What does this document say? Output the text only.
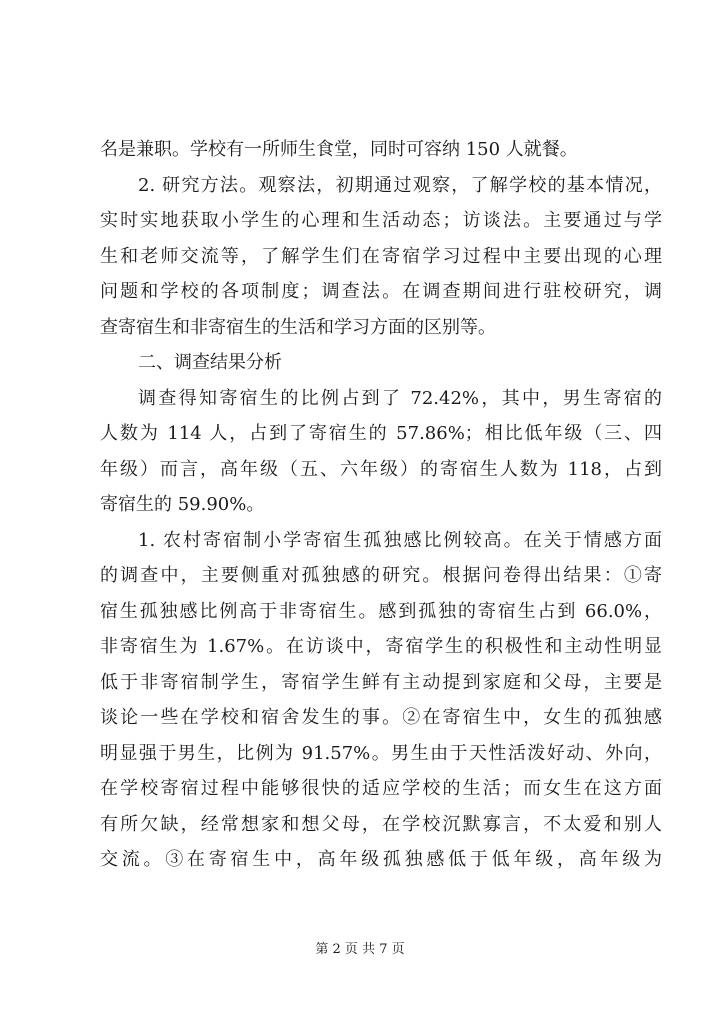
名是兼职。学校有一所师生食堂，同时可容纳 150 人就餐。
2. 研究方法。观察法，初期通过观察，了解学校的基本情况，
实时实地获取小学生的心理和生活动态；访谈法。主要通过与学
生和老师交流等，了解学生们在寄宿学习过程中主要出现的心理
问题和学校的各项制度；调查法。在调查期间进行驻校研究，调
查寄宿生和非寄宿生的生活和学习方面的区别等。
二、调查结果分析
调查得知寄宿生的比例占到了 72.42%，其中，男生寄宿的
人数为 114 人，占到了寄宿生的 57.86%；相比低年级（三、四
年级）而言，高年级（五、六年级）的寄宿生人数为 118，占到
寄宿生的 59.90%。
1. 农村寄宿制小学寄宿生孤独感比例较高。在关于情感方面
的调查中，主要侧重对孤独感的研究。根据问卷得出结果：①寄
宿生孤独感比例高于非寄宿生。感到孤独的寄宿生占到 66.0%，
非寄宿生为 1.67%。在访谈中，寄宿学生的积极性和主动性明显
低于非寄宿制学生，寄宿学生鲜有主动提到家庭和父母，主要是
谈论一些在学校和宿舍发生的事。②在寄宿生中，女生的孤独感
明显强于男生，比例为 91.57%。男生由于天性活泼好动、外向，
在学校寄宿过程中能够很快的适应学校的生活；而女生在这方面
有所欠缺，经常想家和想父母，在学校沉默寡言，不太爱和别人
交流。③在寄宿生中，高年级孤独感低于低年级，高年级为
第 2 页 共 7 页
